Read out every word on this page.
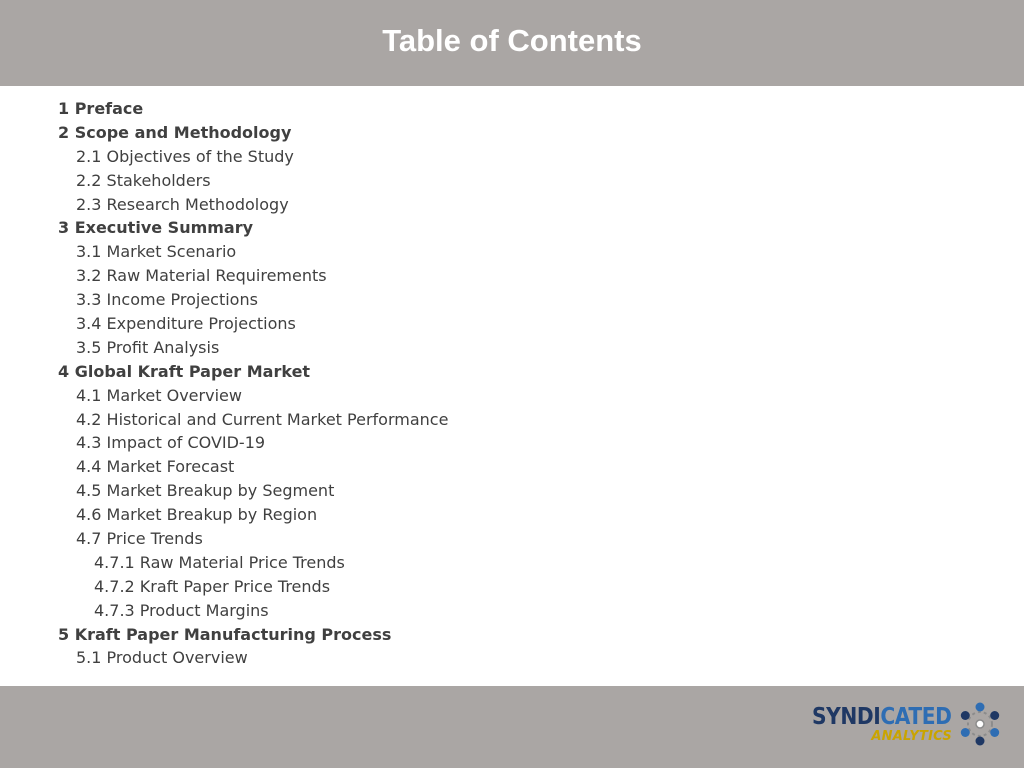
Table of Contents
1 Preface
2 Scope and Methodology
2.1 Objectives of the Study
2.2 Stakeholders
2.3 Research Methodology
3 Executive Summary
3.1 Market Scenario
3.2 Raw Material Requirements
3.3 Income Projections
3.4 Expenditure Projections
3.5 Profit Analysis
4 Global Kraft Paper Market
4.1 Market Overview
4.2 Historical and Current Market Performance
4.3 Impact of COVID-19
4.4 Market Forecast
4.5 Market Breakup by Segment
4.6 Market Breakup by Region
4.7 Price Trends
4.7.1 Raw Material Price Trends
4.7.2 Kraft Paper Price Trends
4.7.3 Product Margins
5 Kraft Paper Manufacturing Process
5.1 Product Overview
SYNDICATED
ANALYTICS
